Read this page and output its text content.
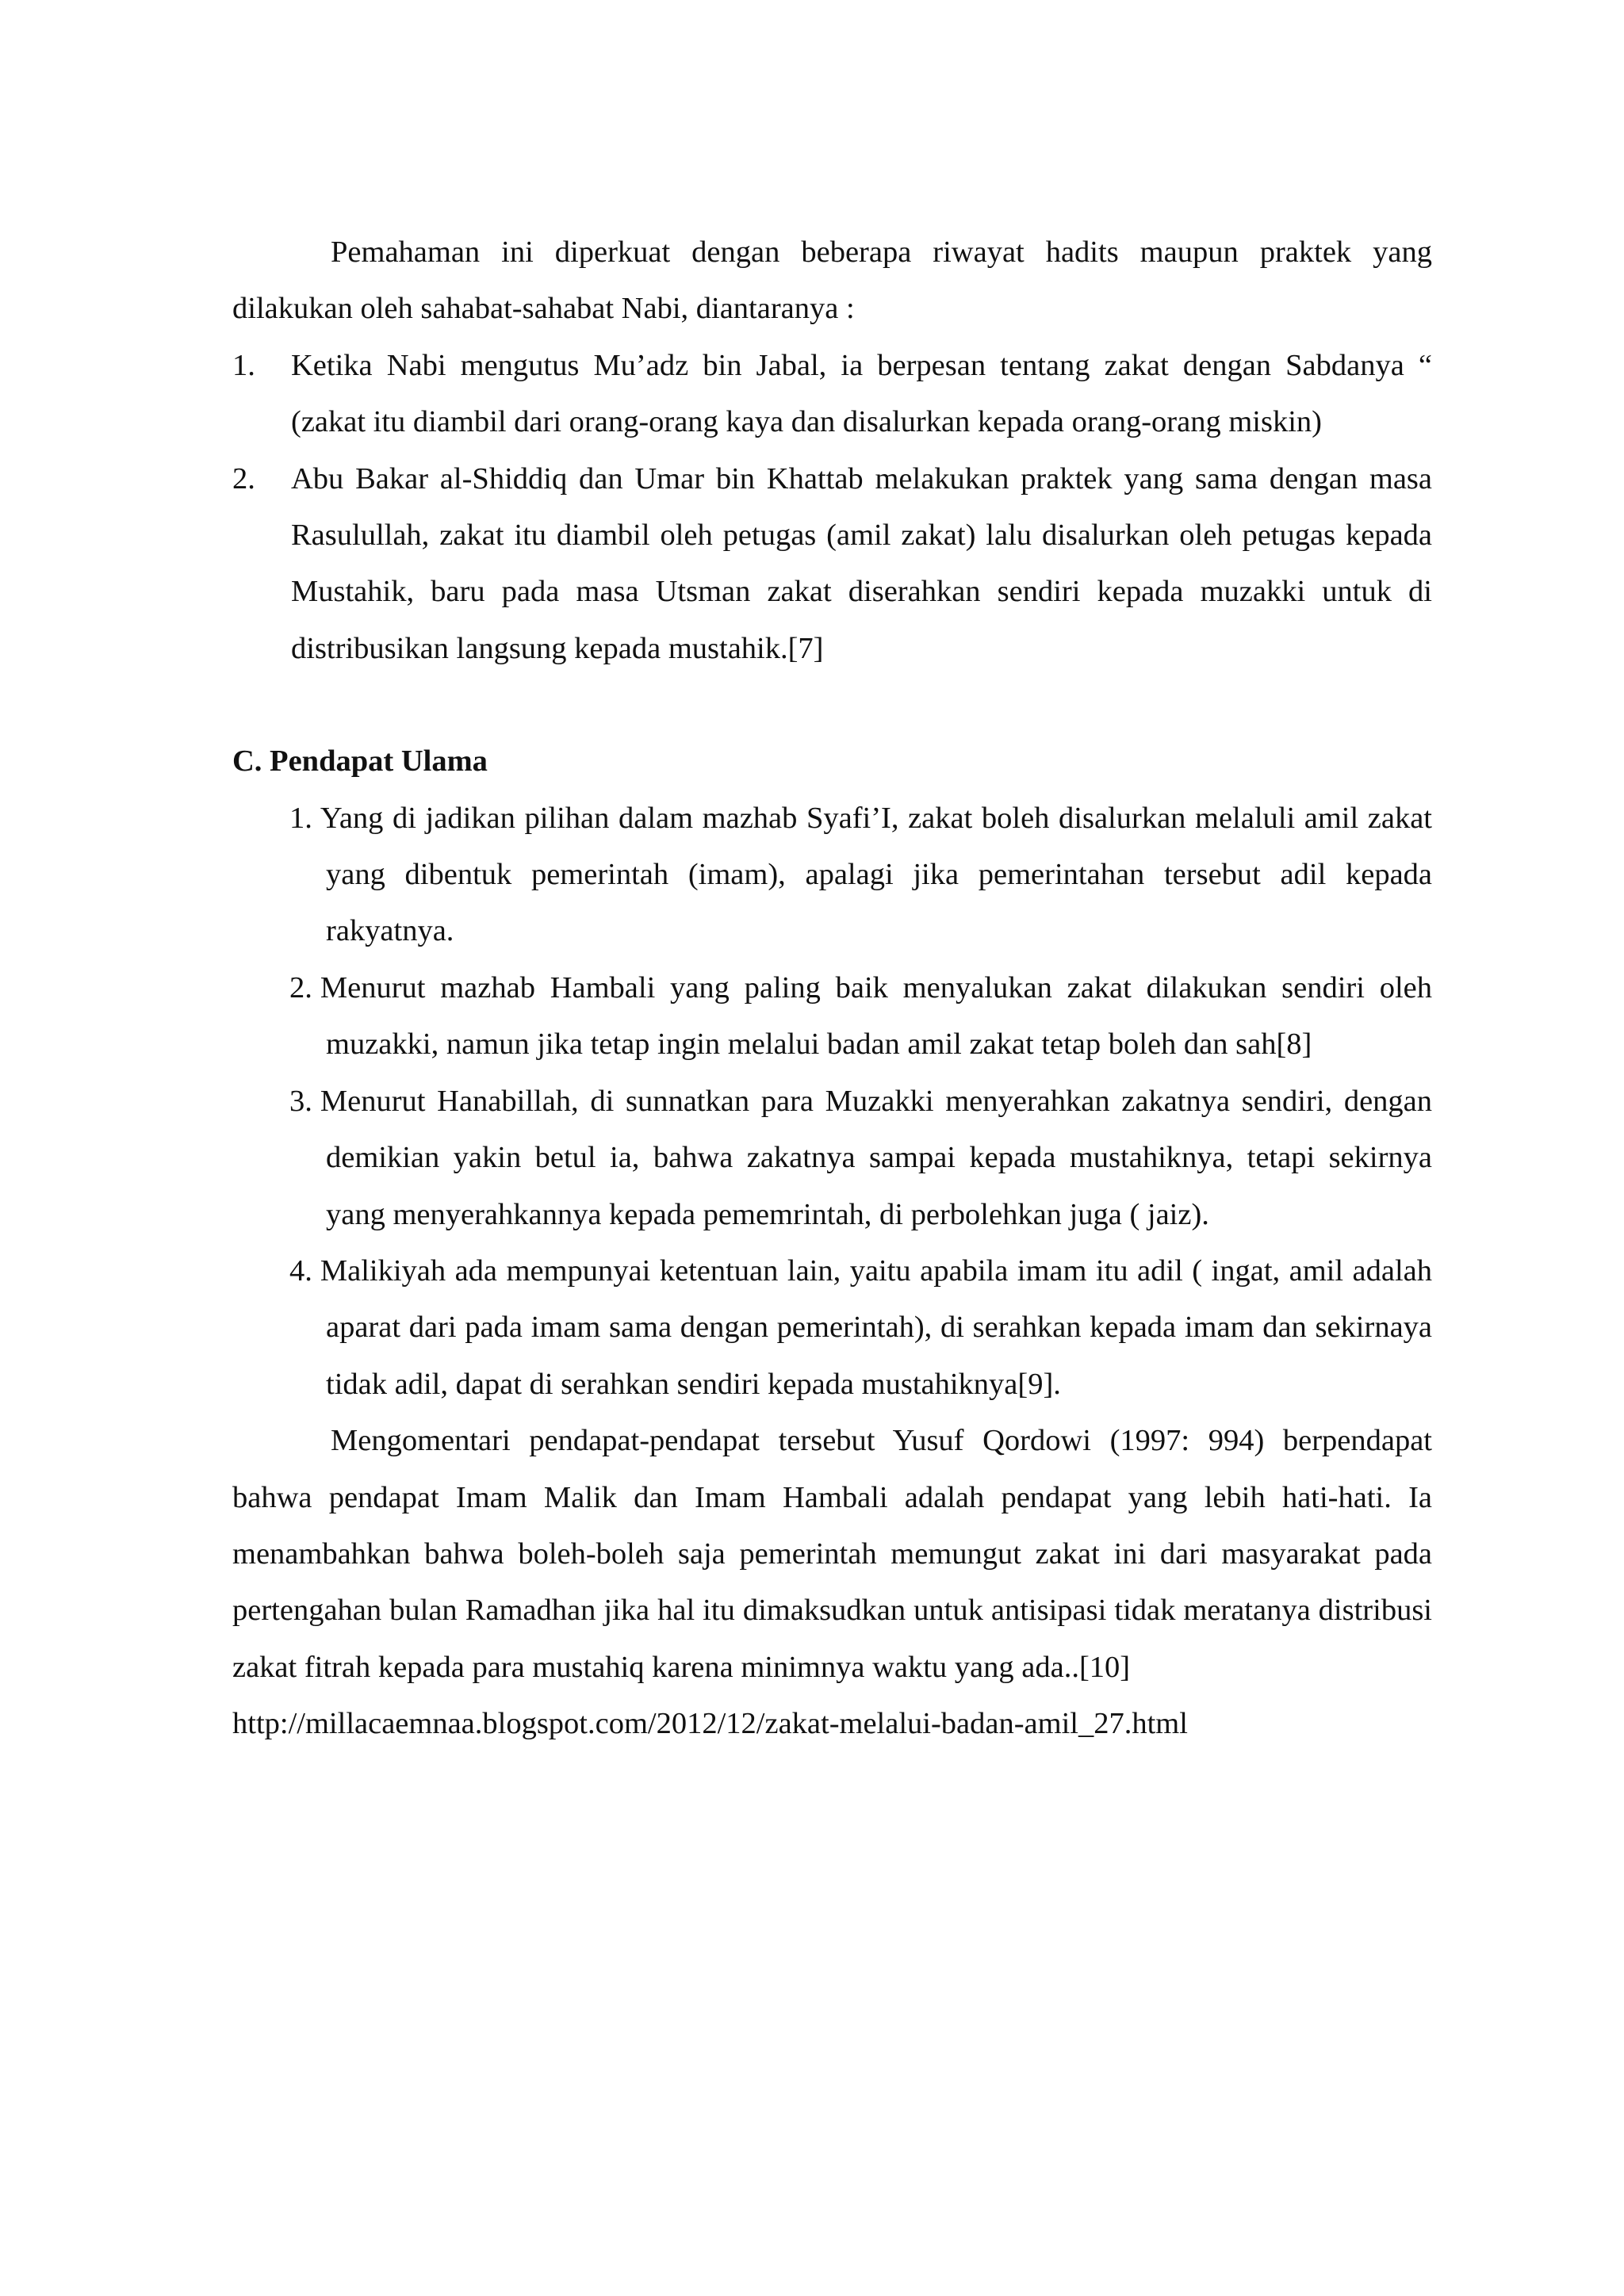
Pemahaman ini diperkuat dengan beberapa riwayat hadits maupun praktek yang dilakukan oleh sahabat-sahabat Nabi, diantaranya :

1.	Ketika Nabi mengutus Mu’adz bin Jabal, ia berpesan tentang zakat dengan Sabdanya “ (zakat itu diambil dari orang-orang kaya dan disalurkan kepada orang-orang miskin)
2.	Abu Bakar al-Shiddiq dan Umar bin Khattab melakukan praktek yang sama dengan masa Rasulullah, zakat itu diambil oleh petugas (amil zakat) lalu disalurkan oleh petugas kepada Mustahik, baru pada masa Utsman zakat diserahkan sendiri kepada muzakki untuk di distribusikan langsung kepada mustahik.[7]

C. Pendapat Ulama

1. Yang di jadikan pilihan dalam mazhab Syafi’I, zakat boleh disalurkan melaluli amil zakat yang dibentuk pemerintah (imam), apalagi jika pemerintahan tersebut adil kepada rakyatnya.

2. Menurut mazhab Hambali yang paling baik menyalukan zakat dilakukan sendiri oleh muzakki, namun jika tetap ingin melalui badan amil zakat tetap boleh dan sah[8]

3. Menurut Hanabillah, di sunnatkan para Muzakki menyerahkan zakatnya sendiri, dengan demikian yakin betul ia, bahwa zakatnya sampai kepada mustahiknya, tetapi sekirnya yang menyerahkannya kepada pememrintah, di perbolehkan juga ( jaiz).

4. Malikiyah ada mempunyai ketentuan lain, yaitu apabila imam itu adil ( ingat, amil adalah aparat dari pada imam sama dengan pemerintah), di serahkan kepada imam dan sekirnaya tidak adil, dapat di serahkan sendiri kepada mustahiknya[9].

Mengomentari pendapat-pendapat tersebut Yusuf Qordowi (1997: 994) berpendapat bahwa pendapat Imam Malik dan Imam Hambali adalah pendapat yang lebih hati-hati. Ia menambahkan bahwa boleh-boleh saja pemerintah memungut zakat ini dari masyarakat pada pertengahan bulan Ramadhan jika hal itu dimaksudkan untuk antisipasi tidak meratanya distribusi zakat fitrah kepada para mustahiq karena minimnya waktu yang ada..[10]

http://millacaemnaa.blogspot.com/2012/12/zakat-melalui-badan-amil_27.html
